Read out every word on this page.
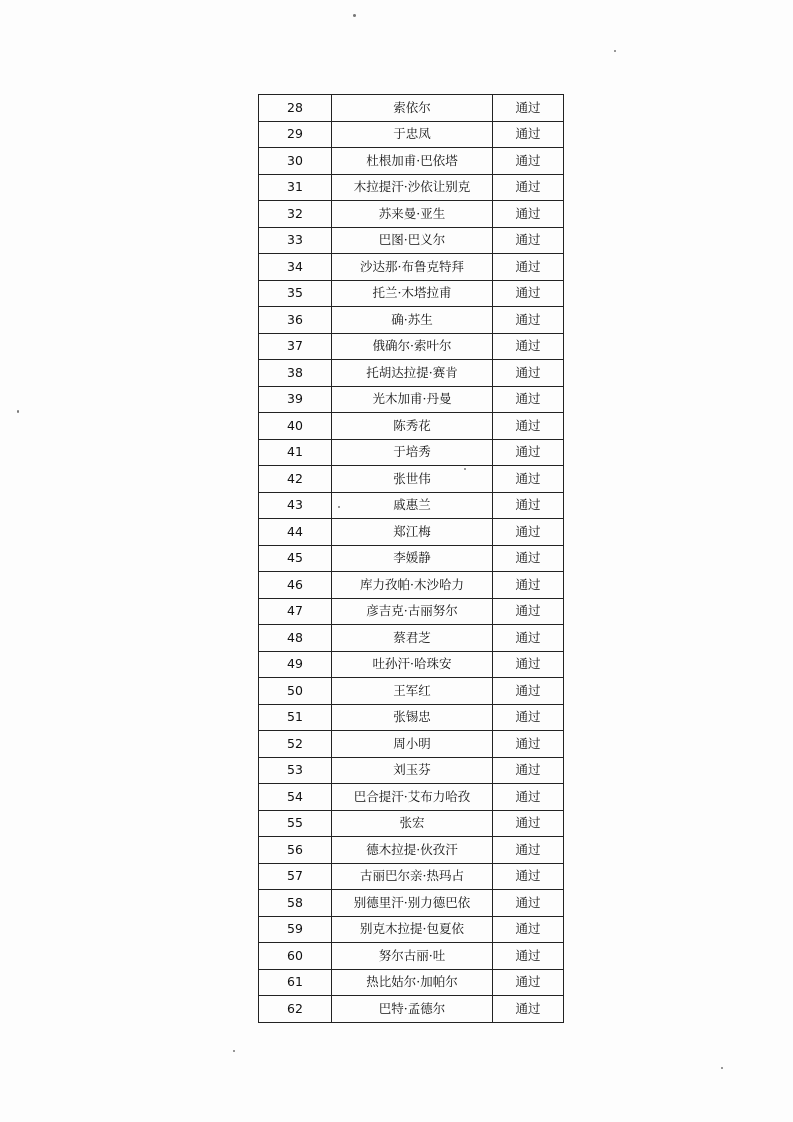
28	索依尔	通过
29	于忠凤	通过
30	杜根加甫·巴依塔	通过
31	木拉提汗·沙依让别克	通过
32	苏来曼·亚生	通过
33	巴图·巴义尔	通过
34	沙达那·布鲁克特拜	通过
35	托兰·木塔拉甫	通过
36	确·苏生	通过
37	俄确尔·索叶尔	通过
38	托胡达拉提·赛肯	通过
39	光木加甫·丹曼	通过
40	陈秀花	通过
41	于培秀	通过
42	张世伟	通过
43	戚惠兰	通过
44	郑江梅	通过
45	李媛静	通过
46	库力孜帕·木沙哈力	通过
47	彦吉克·古丽努尔	通过
48	蔡君芝	通过
49	吐孙汗·哈珠安	通过
50	王军红	通过
51	张锡忠	通过
52	周小明	通过
53	刘玉芬	通过
54	巴合提汗·艾布力哈孜	通过
55	张宏	通过
56	德木拉提·伙孜汗	通过
57	古丽巴尔亲·热玛占	通过
58	别德里汗·别力德巴依	通过
59	别克木拉提·包夏依	通过
60	努尔古丽·吐	通过
61	热比姑尔·加帕尔	通过
62	巴特·孟德尔	通过
